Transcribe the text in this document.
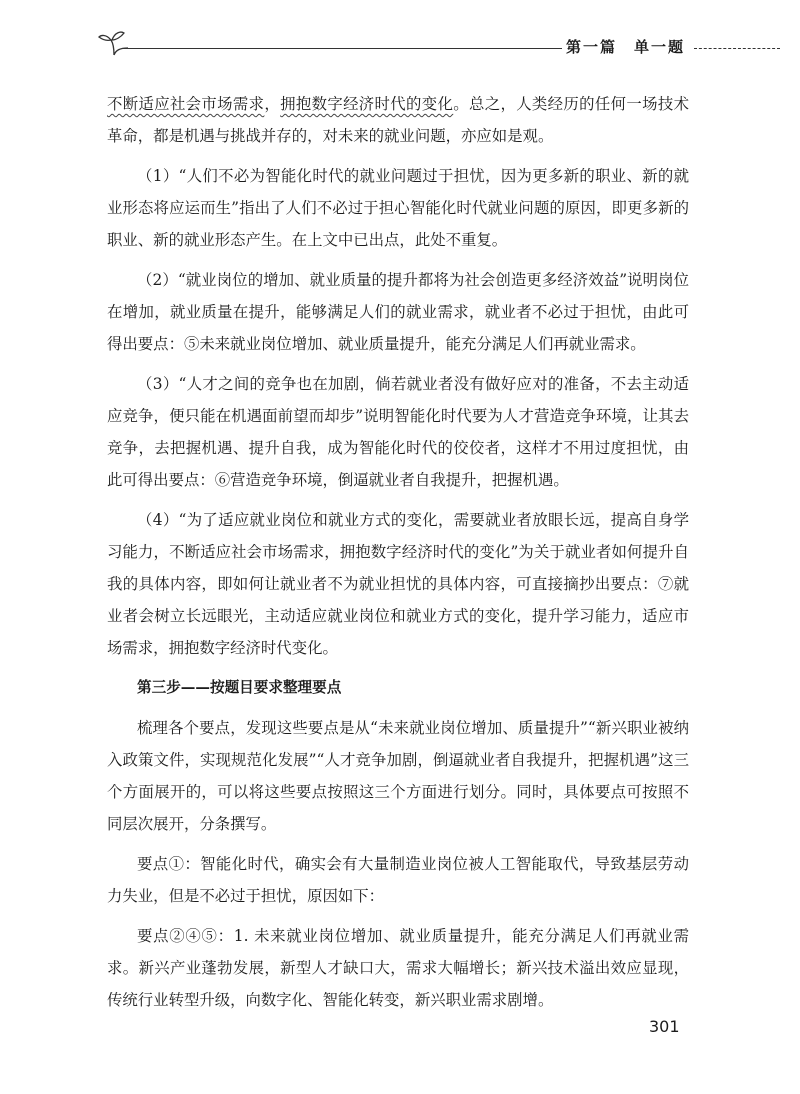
第一篇　单一题

不断适应社会市场需求，拥抱数字经济时代的变化。总之，人类经历的任何一场技术革命，都是机遇与挑战并存的，对未来的就业问题，亦应如是观。

（1）“人们不必为智能化时代的就业问题过于担忧，因为更多新的职业、新的就业形态将应运而生”指出了人们不必过于担心智能化时代就业问题的原因，即更多新的职业、新的就业形态产生。在上文中已出点，此处不重复。

（2）“就业岗位的增加、就业质量的提升都将为社会创造更多经济效益”说明岗位在增加，就业质量在提升，能够满足人们的就业需求，就业者不必过于担忧，由此可得出要点：⑤未来就业岗位增加、就业质量提升，能充分满足人们再就业需求。

（3）“人才之间的竞争也在加剧，倘若就业者没有做好应对的准备，不去主动适应竞争，便只能在机遇面前望而却步”说明智能化时代要为人才营造竞争环境，让其去竞争，去把握机遇、提升自我，成为智能化时代的佼佼者，这样才不用过度担忧，由此可得出要点：⑥营造竞争环境，倒逼就业者自我提升，把握机遇。

（4）“为了适应就业岗位和就业方式的变化，需要就业者放眼长远，提高自身学习能力，不断适应社会市场需求，拥抱数字经济时代的变化”为关于就业者如何提升自我的具体内容，即如何让就业者不为就业担忧的具体内容，可直接摘抄出要点：⑦就业者会树立长远眼光，主动适应就业岗位和就业方式的变化，提升学习能力，适应市场需求，拥抱数字经济时代变化。

第三步——按题目要求整理要点

梳理各个要点，发现这些要点是从“未来就业岗位增加、质量提升”“新兴职业被纳入政策文件，实现规范化发展”“人才竞争加剧，倒逼就业者自我提升，把握机遇”这三个方面展开的，可以将这些要点按照这三个方面进行划分。同时，具体要点可按照不同层次展开，分条撰写。

要点①：智能化时代，确实会有大量制造业岗位被人工智能取代，导致基层劳动力失业，但是不必过于担忧，原因如下：

要点②④⑤：1. 未来就业岗位增加、就业质量提升，能充分满足人们再就业需求。新兴产业蓬勃发展，新型人才缺口大，需求大幅增长；新兴技术溢出效应显现，传统行业转型升级，向数字化、智能化转变，新兴职业需求剧增。

301
